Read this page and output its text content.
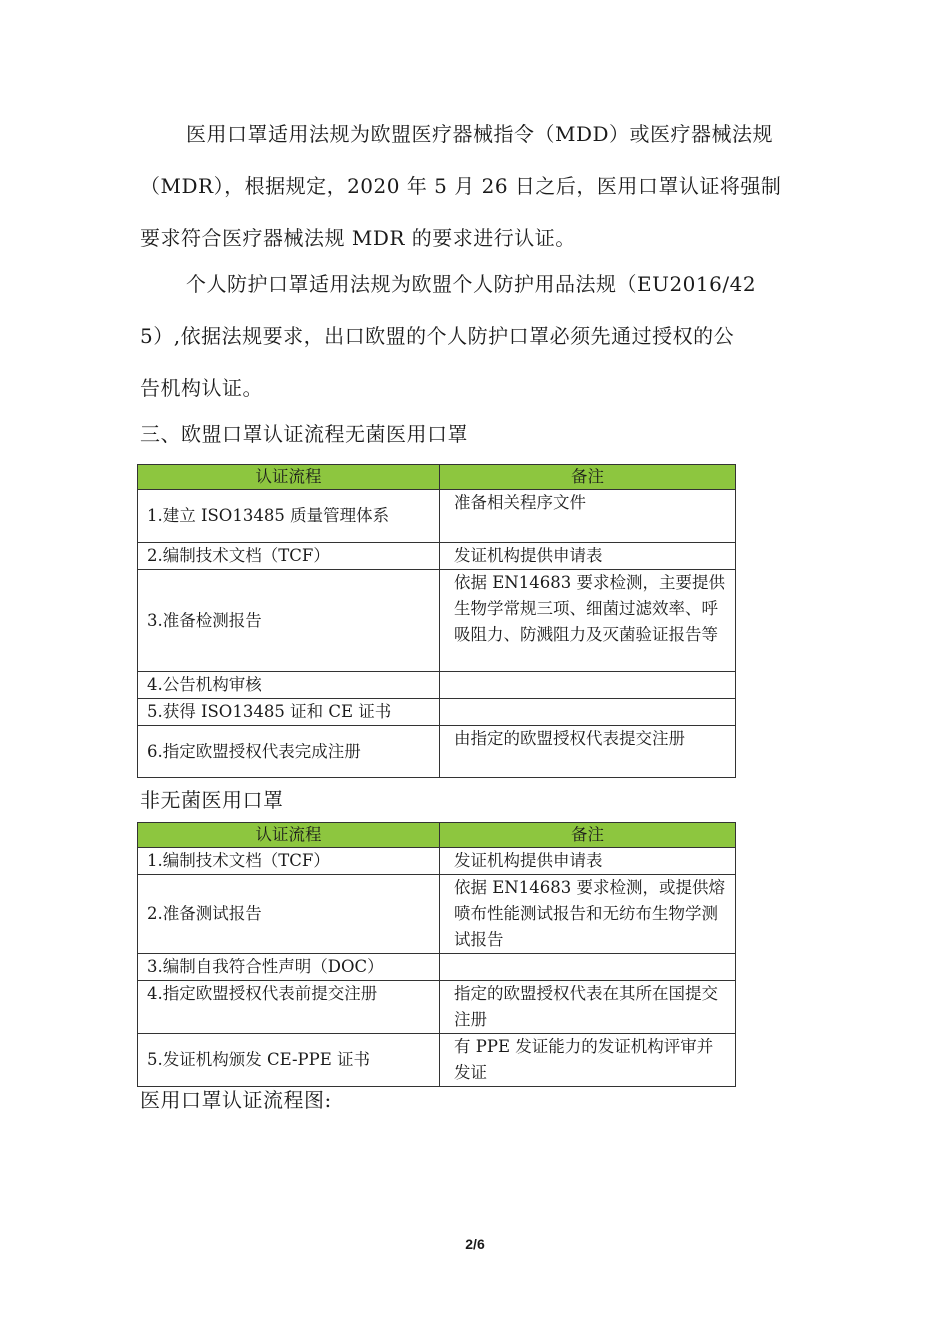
医用口罩适用法规为欧盟医疗器械指令（MDD）或医疗器械法规
（MDR），根据规定，2020 年 5 月 26 日之后，医用口罩认证将强制
要求符合医疗器械法规 MDR 的要求进行认证。

个人防护口罩适用法规为欧盟个人防护用品法规（EU2016/42
5）,依据法规要求，出口欧盟的个人防护口罩必须先通过授权的公
告机构认证。

三、欧盟口罩认证流程无菌医用口罩
认证流程	备注
1.建立 ISO13485 质量管理体系	准备相关程序文件
2.编制技术文档（TCF）	发证机构提供申请表
3.准备检测报告	依据 EN14683 要求检测，主要提供生物学常规三项、细菌过滤效率、呼吸阻力、防溅阻力及灭菌验证报告等
4.公告机构审核	
5.获得 ISO13485 证和 CE 证书	
6.指定欧盟授权代表完成注册	由指定的欧盟授权代表提交注册
非无菌医用口罩
认证流程	备注
1.编制技术文档（TCF）	发证机构提供申请表
2.准备测试报告	依据 EN14683 要求检测，或提供熔喷布性能测试报告和无纺布生物学测试报告
3.编制自我符合性声明（DOC）	
4.指定欧盟授权代表前提交注册	指定的欧盟授权代表在其所在国提交注册
5.发证机构颁发 CE-PPE 证书	有 PPE 发证能力的发证机构评审并发证
医用口罩认证流程图:
2/6
